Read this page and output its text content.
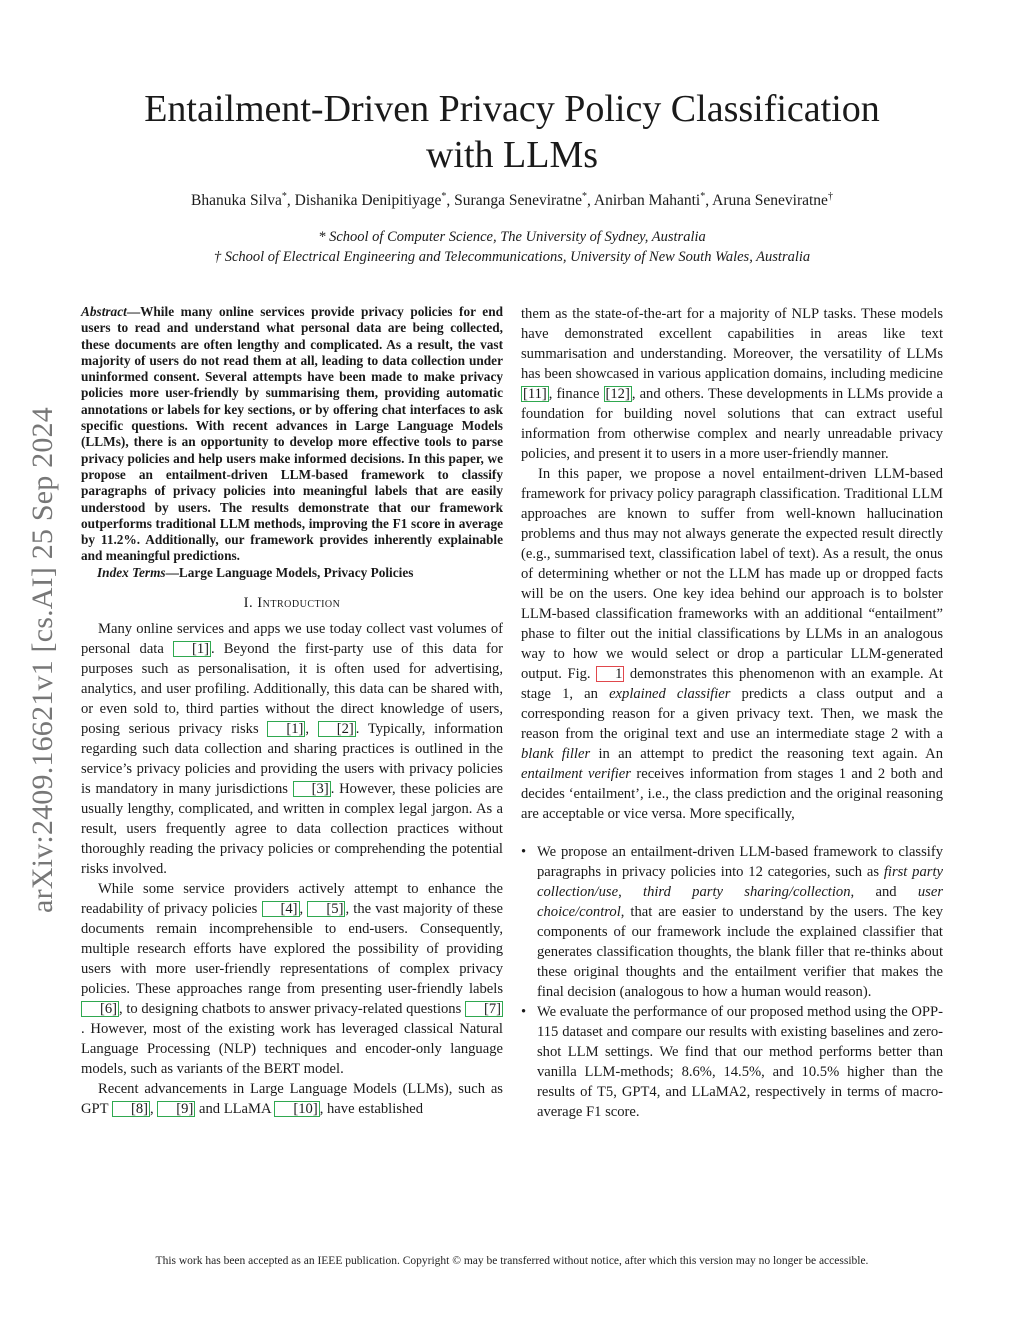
arXiv:2409.16621v1 [cs.AI] 25 Sep 2024
Entailment-Driven Privacy Policy Classification
with LLMs
Bhanuka Silva*, Dishanika Denipitiyage*, Suranga Seneviratne*, Anirban Mahanti*, Aruna Seneviratne†
* School of Computer Science, The University of Sydney, Australia
† School of Electrical Engineering and Telecommunications, University of New South Wales, Australia

Abstract—While many online services provide privacy policies for end users to read and understand what personal data are being collected, these documents are often lengthy and complicated. As a result, the vast majority of users do not read them at all, leading to data collection under uninformed consent. Several attempts have been made to make privacy policies more user-friendly by summarising them, providing automatic annotations or labels for key sections, or by offering chat interfaces to ask specific questions. With recent advances in Large Language Models (LLMs), there is an opportunity to develop more effective tools to parse privacy policies and help users make informed decisions. In this paper, we propose an entailment-driven LLM-based framework to classify paragraphs of privacy policies into meaningful labels that are easily understood by users. The results demonstrate that our framework outperforms traditional LLM methods, improving the F1 score in average by 11.2%. Additionally, our framework provides inherently explainable and meaningful predictions.

Index Terms—Large Language Models, Privacy Policies

I. Introduction

Many online services and apps we use today collect vast volumes of personal data [1] . Beyond the first-party use of this data for purposes such as personalisation, it is often used for advertising, analytics, and user profiling. Additionally, this data can be shared with, or even sold to, third parties without the direct knowledge of users, posing serious privacy risks [1] , [2] . Typically, information regarding such data collection and sharing practices is outlined in the service’s privacy policies and providing the users with privacy policies is mandatory in many jurisdictions [3] . However, these policies are usually lengthy, complicated, and written in complex legal jargon. As a result, users frequently agree to data collection practices without thoroughly reading the privacy policies or comprehending the potential risks involved.

While some service providers actively attempt to enhance the readability of privacy policies [4] , [5] , the vast majority of these documents remain incomprehensible to end-users. Consequently, multiple research efforts have explored the possibility of providing users with more user-friendly representations of complex privacy policies. These approaches range from presenting user-friendly labels [6] , to designing chatbots to answer privacy-related questions [7]. However, most of the existing work has leveraged classical Natural Language Processing (NLP) techniques and encoder-only language models, such as variants of the BERT model.

Recent advancements in Large Language Models (LLMs), such as GPT [8] , [9] and LLaMA [10] , have established

them as the state-of-the-art for a majority of NLP tasks. These models have demonstrated excellent capabilities in areas like text summarisation and understanding. Moreover, the versatility of LLMs has been showcased in various application domains, including medicine [11] , finance [12] , and others. These developments in LLMs provide a foundation for building novel solutions that can extract useful information from otherwise complex and nearly unreadable privacy policies, and present it to users in a more user-friendly manner.

In this paper, we propose a novel entailment-driven LLM-based framework for privacy policy paragraph classification. Traditional LLM approaches are known to suffer from well-known hallucination problems and thus may not always generate the expected result directly (e.g., summarised text, classification label of text). As a result, the onus of determining whether or not the LLM has made up or dropped facts will be on the users. One key idea behind our approach is to bolster LLM-based classification frameworks with an additional “entailment” phase to filter out the initial classifications by LLMs in an analogous way to how we would select or drop a particular LLM-generated output. Fig. 1 demonstrates this phenomenon with an example. At stage 1, an explained classifier predicts a class output and a corresponding reason for a given privacy text. Then, we mask the reason from the original text and use an intermediate stage 2 with a blank filler in an attempt to predict the reasoning text again. An entailment verifier receives information from stages 1 and 2 both and decides ‘entailment’, i.e., the class prediction and the original reasoning are acceptable or vice versa. More specifically,

• We propose an entailment-driven LLM-based framework to classify paragraphs in privacy policies into 12 categories, such as first party collection/use, third party sharing/collection, and user choice/control, that are easier to understand by the users. The key components of our framework include the explained classifier that generates classification thoughts, the blank filler that re-thinks about these original thoughts and the entailment verifier that makes the final decision (analogous to how a human would reason).
• We evaluate the performance of our proposed method using the OPP-115 dataset and compare our results with existing baselines and zero-shot LLM settings. We find that our method performs better than vanilla LLM-methods; 8.6%, 14.5%, and 10.5% higher than the results of T5, GPT4, and LLaMA2, respectively in terms of macro-average F1 score.
This work has been accepted as an IEEE publication. Copyright © may be transferred without notice, after which this version may no longer be accessible.
